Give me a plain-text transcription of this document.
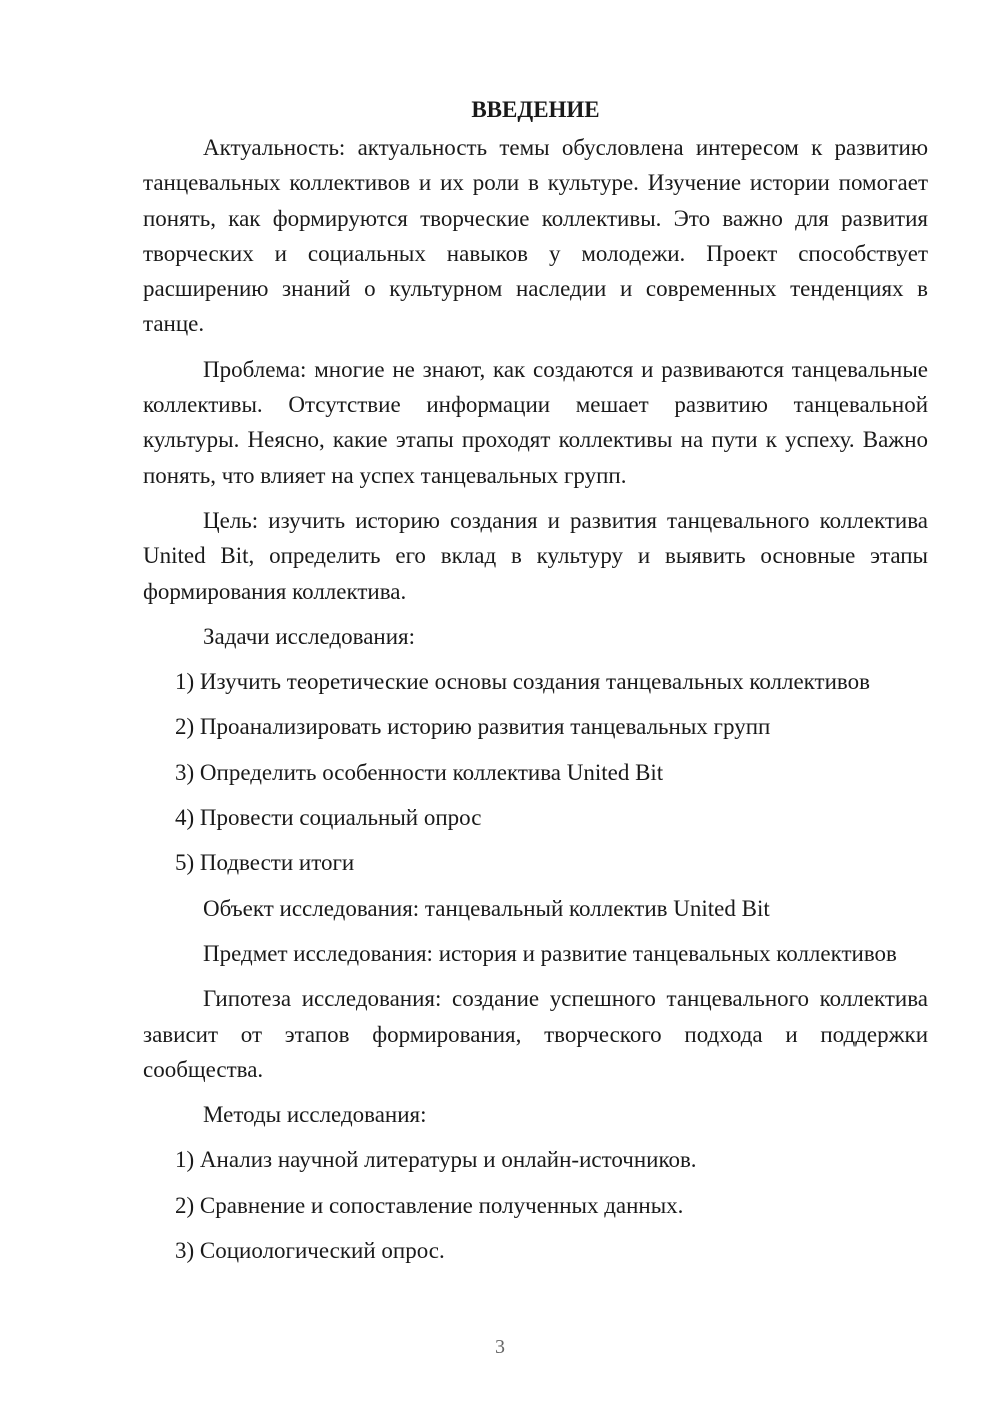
ВВЕДЕНИЕ

Актуальность: актуальность темы обусловлена интересом к развитию танцевальных коллективов и их роли в культуре. Изучение истории помогает понять, как формируются творческие коллективы. Это важно для развития творческих и социальных навыков у молодежи. Проект способствует расширению знаний о культурном наследии и современных тенденциях в танце.

Проблема: многие не знают, как создаются и развиваются танцевальные коллективы. Отсутствие информации мешает развитию танцевальной культуры. Неясно, какие этапы проходят коллективы на пути к успеху. Важно понять, что влияет на успех танцевальных групп.

Цель: изучить историю создания и развития танцевального коллектива United Bit, определить его вклад в культуру и выявить основные этапы формирования коллектива.

Задачи исследования:

1) Изучить теоретические основы создания танцевальных коллективов
2) Проанализировать историю развития танцевальных групп
3) Определить особенности коллектива United Bit
4) Провести социальный опрос
5) Подвести итоги

Объект исследования: танцевальный коллектив United Bit

Предмет исследования: история и развитие танцевальных коллективов

Гипотеза исследования: создание успешного танцевального коллектива зависит от этапов формирования, творческого подхода и поддержки сообщества.

Методы исследования:

1) Анализ научной литературы и онлайн-источников.
2) Сравнение и сопоставление полученных данных.
3) Социологический опрос.
3
